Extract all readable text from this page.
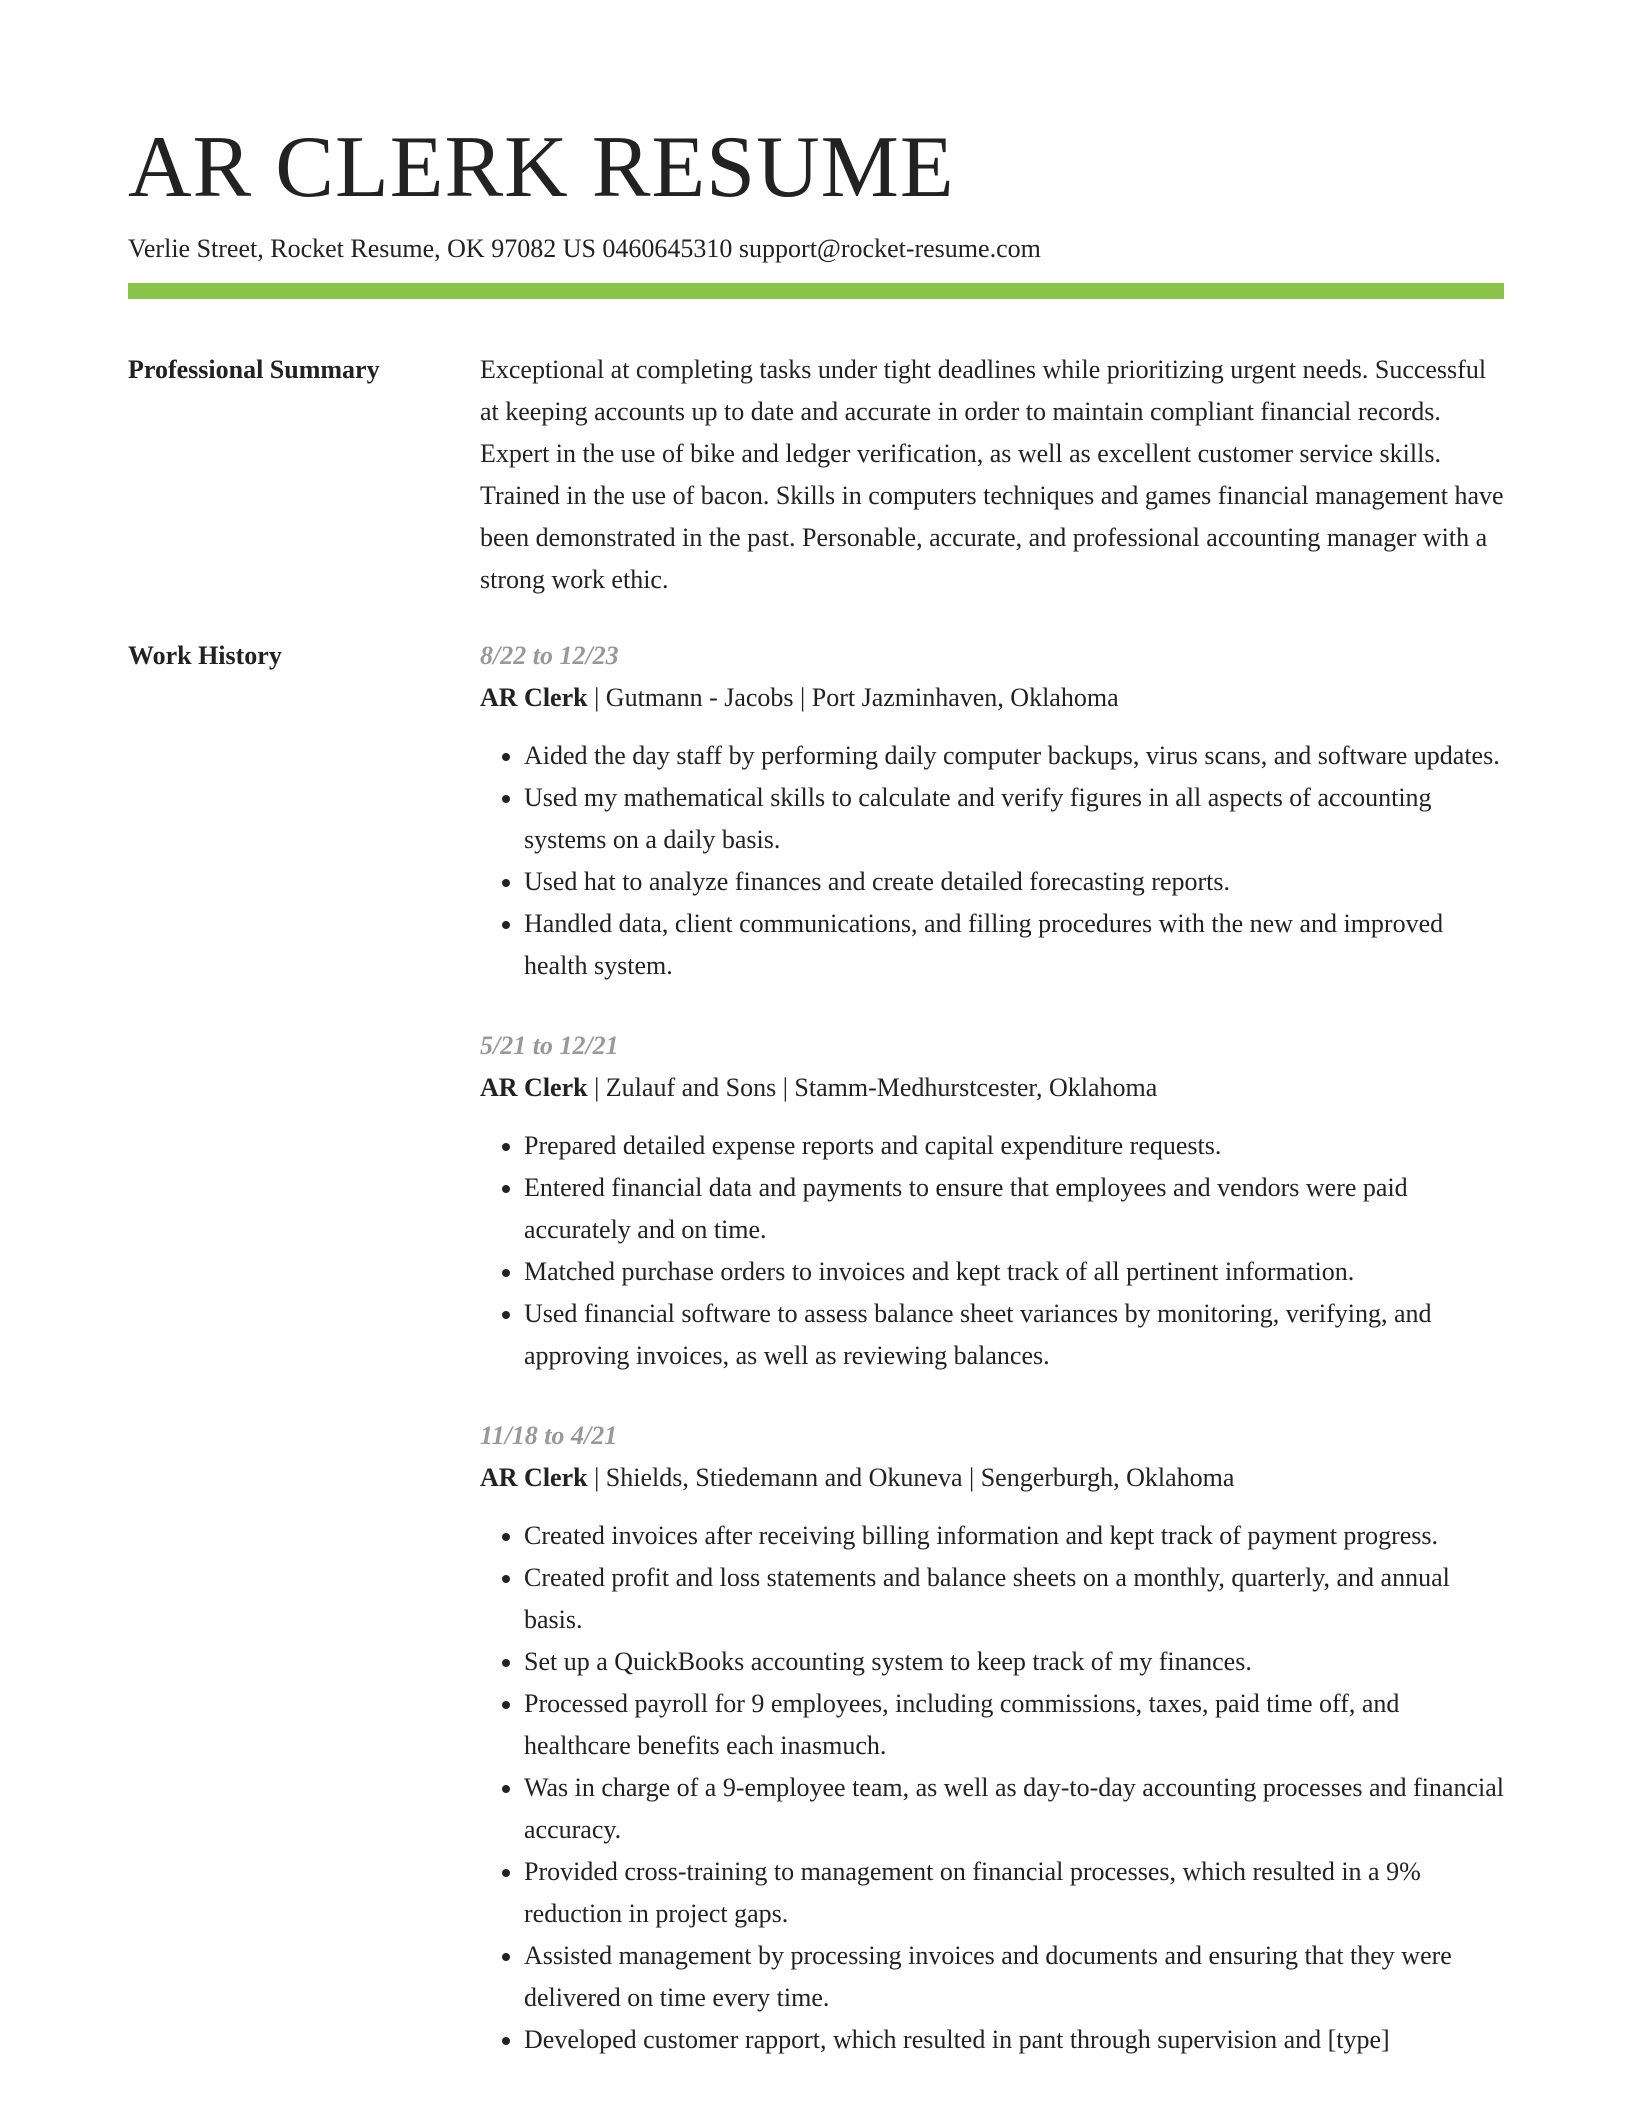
AR CLERK RESUME
Verlie Street, Rocket Resume, OK 97082 US 0460645310 support@rocket-resume.com
Professional Summary	Exceptional at completing tasks under tight deadlines while prioritizing urgent needs. Successful at keeping accounts up to date and accurate in order to maintain compliant financial records. Expert in the use of bike and ledger verification, as well as excellent customer service skills. Trained in the use of bacon. Skills in computers techniques and games financial management have been demonstrated in the past. Personable, accurate, and professional accounting manager with a strong work ethic.

Work History	8/22 to 12/23
AR Clerk | Gutmann - Jacobs | Port Jazminhaven, Oklahoma
• Aided the day staff by performing daily computer backups, virus scans, and software updates.
• Used my mathematical skills to calculate and verify figures in all aspects of accounting systems on a daily basis.
• Used hat to analyze finances and create detailed forecasting reports.
• Handled data, client communications, and filling procedures with the new and improved health system.
5/21 to 12/21
AR Clerk | Zulauf and Sons | Stamm-Medhurstcester, Oklahoma
• Prepared detailed expense reports and capital expenditure requests.
• Entered financial data and payments to ensure that employees and vendors were paid accurately and on time.
• Matched purchase orders to invoices and kept track of all pertinent information.
• Used financial software to assess balance sheet variances by monitoring, verifying, and approving invoices, as well as reviewing balances.
11/18 to 4/21
AR Clerk | Shields, Stiedemann and Okuneva | Sengerburgh, Oklahoma
• Created invoices after receiving billing information and kept track of payment progress.
• Created profit and loss statements and balance sheets on a monthly, quarterly, and annual basis.
• Set up a QuickBooks accounting system to keep track of my finances.
• Processed payroll for 9 employees, including commissions, taxes, paid time off, and healthcare benefits each inasmuch.
• Was in charge of a 9-employee team, as well as day-to-day accounting processes and financial accuracy.
• Provided cross-training to management on financial processes, which resulted in a 9% reduction in project gaps.
• Assisted management by processing invoices and documents and ensuring that they were delivered on time every time.
• Developed customer rapport, which resulted in pant through supervision and [type]
